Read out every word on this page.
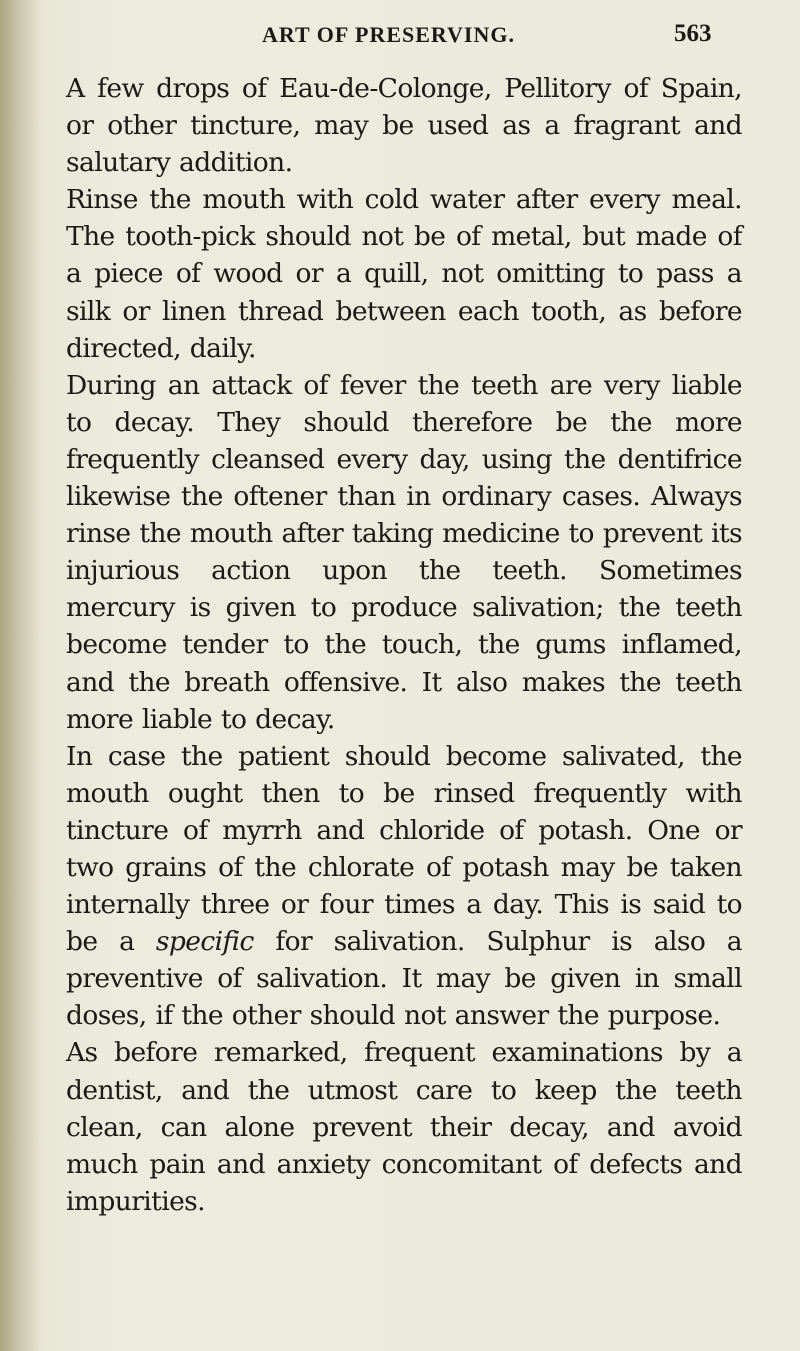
ART OF PRESERVING.	563

A few drops of Eau-de-Colonge, Pellitory of Spain, or other tincture, may be used as a fragrant and salutary addition.

Rinse the mouth with cold water after every meal. The tooth-pick should not be of metal, but made of a piece of wood or a quill, not omitting to pass a silk or linen thread between each tooth, as before directed, daily.

During an attack of fever the teeth are very liable to decay. They should therefore be the more frequently cleansed every day, using the dentifrice likewise the oftener than in ordinary cases. Always rinse the mouth after taking medicine to prevent its injurious action upon the teeth. Sometimes mercury is given to produce salivation; the teeth become tender to the touch, the gums inflamed, and the breath offensive. It also makes the teeth more liable to decay.

In case the patient should become salivated, the mouth ought then to be rinsed frequently with tincture of myrrh and chloride of potash. One or two grains of the chlorate of potash may be taken internally three or four times a day. This is said to be a specific for salivation. Sulphur is also a preventive of salivation. It may be given in small doses, if the other should not answer the purpose.

As before remarked, frequent examinations by a dentist, and the utmost care to keep the teeth clean, can alone prevent their decay, and avoid much pain and anxiety concomitant of defects and impurities.
